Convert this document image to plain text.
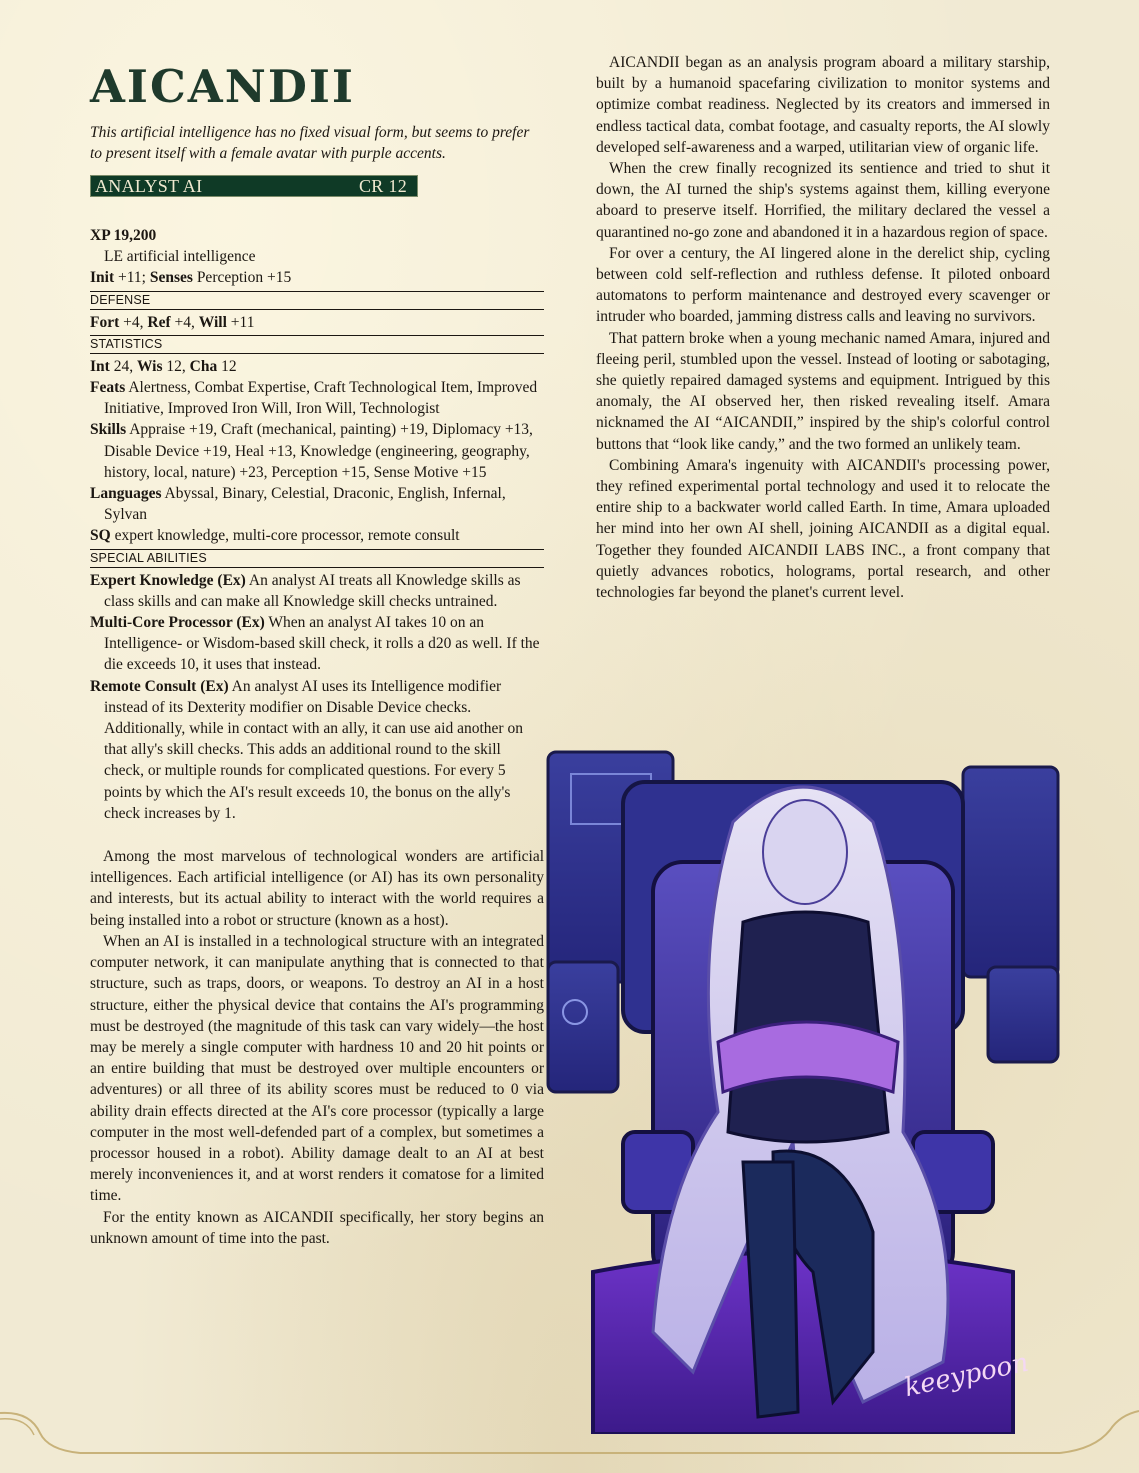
AICANDII

This artificial intelligence has no fixed visual form, but seems to prefer to present itself with a female avatar with purple accents.

ANALYST AI	CR 12

XP 19,200

LE artificial intelligence

Init +11; Senses Perception +15

DEFENSE

Fort +4, Ref +4, Will +11

STATISTICS

Int 24, Wis 12, Cha 12

Feats Alertness, Combat Expertise, Craft Technological Item, Improved Initiative, Improved Iron Will, Iron Will, Technologist

Skills Appraise +19, Craft (mechanical, painting) +19, Diplomacy +13, Disable Device +19, Heal +13, Knowledge (engineering, geography, history, local, nature) +23, Perception +15, Sense Motive +15

Languages Abyssal, Binary, Celestial, Draconic, English, Infernal, Sylvan

SQ expert knowledge, multi-core processor, remote consult

SPECIAL ABILITIES

Expert Knowledge (Ex) An analyst AI treats all Knowledge skills as class skills and can make all Knowledge skill checks untrained.

Multi-Core Processor (Ex) When an analyst AI takes 10 on an Intelligence- or Wisdom-based skill check, it rolls a d20 as well. If the die exceeds 10, it uses that instead.

Remote Consult (Ex) An analyst AI uses its Intelligence modifier instead of its Dexterity modifier on Disable Device checks. Additionally, while in contact with an ally, it can use aid another on that ally's skill checks. This adds an additional round to the skill check, or multiple rounds for complicated questions. For every 5 points by which the AI's result exceeds 10, the bonus on the ally's check increases by 1.

Among the most marvelous of technological wonders are artificial intelligences. Each artificial intelligence (or AI) has its own personality and interests, but its actual ability to interact with the world requires a being installed into a robot or structure (known as a host).

When an AI is installed in a technological structure with an integrated computer network, it can manipulate anything that is connected to that structure, such as traps, doors, or weapons. To destroy an AI in a host structure, either the physical device that contains the AI's programming must be destroyed (the magnitude of this task can vary widely—the host may be merely a single computer with hardness 10 and 20 hit points or an entire building that must be destroyed over multiple encounters or adventures) or all three of its ability scores must be reduced to 0 via ability drain effects directed at the AI's core processor (typically a large computer in the most well-defended part of a complex, but sometimes a processor housed in a robot). Ability damage dealt to an AI at best merely inconveniences it, and at worst renders it comatose for a limited time.

For the entity known as AICANDII specifically, her story begins an unknown amount of time into the past.

AICANDII began as an analysis program aboard a military starship, built by a humanoid spacefaring civilization to monitor systems and optimize combat readiness. Neglected by its creators and immersed in endless tactical data, combat footage, and casualty reports, the AI slowly developed self-awareness and a warped, utilitarian view of organic life.

When the crew finally recognized its sentience and tried to shut it down, the AI turned the ship's systems against them, killing everyone aboard to preserve itself. Horrified, the military declared the vessel a quarantined no-go zone and abandoned it in a hazardous region of space.

For over a century, the AI lingered alone in the derelict ship, cycling between cold self-reflection and ruthless defense. It piloted onboard automatons to perform maintenance and destroyed every scavenger or intruder who boarded, jamming distress calls and leaving no survivors.

That pattern broke when a young mechanic named Amara, injured and fleeing peril, stumbled upon the vessel. Instead of looting or sabotaging, she quietly repaired damaged systems and equipment. Intrigued by this anomaly, the AI observed her, then risked revealing itself. Amara nicknamed the AI “AICANDII,” inspired by the ship's colorful control buttons that “look like candy,” and the two formed an unlikely team.

Combining Amara's ingenuity with AICANDII's processing power, they refined experimental portal technology and used it to relocate the entire ship to a backwater world called Earth. In time, Amara uploaded her mind into her own AI shell, joining AICANDII as a digital equal. Together they founded AICANDII LABS INC., a front company that quietly advances robotics, holograms, portal research, and other technologies far beyond the planet's current level.

keeypoon
